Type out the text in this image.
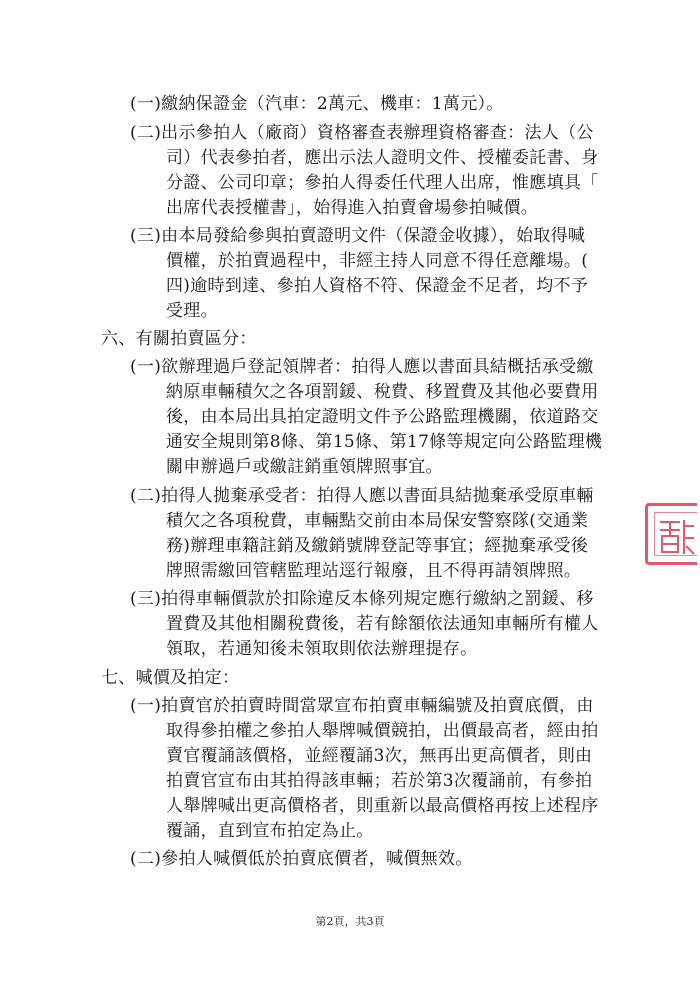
(一)繳納保證金（汽車：2萬元、機車：1萬元）。
(二)出示參拍人（廠商）資格審查表辦理資格審查：法人（公
司）代表參拍者，應出示法人證明文件、授權委託書、身
分證、公司印章；參拍人得委任代理人出席，惟應填具「
出席代表授權書」，始得進入拍賣會場參拍喊價。
(三)由本局發給參與拍賣證明文件（保證金收據），始取得喊
價權，於拍賣過程中，非經主持人同意不得任意離場。(
四)逾時到達、參拍人資格不符、保證金不足者，均不予
受理。
六、有關拍賣區分：
(一)欲辦理過戶登記領牌者：拍得人應以書面具結概括承受繳
納原車輛積欠之各項罰鍰、稅費、移置費及其他必要費用
後，由本局出具拍定證明文件予公路監理機關，依道路交
通安全規則第8條、第15條、第17條等規定向公路監理機
關申辦過戶或繳註銷重領牌照事宜。
(二)拍得人拋棄承受者：拍得人應以書面具結拋棄承受原車輛
積欠之各項稅費，車輛點交前由本局保安警察隊(交通業
務)辦理車籍註銷及繳銷號牌登記等事宜；經拋棄承受後
牌照需繳回管轄監理站逕行報廢，且不得再請領牌照。
(三)拍得車輛價款於扣除違反本條列規定應行繳納之罰鍰、移
置費及其他相關稅費後，若有餘額依法通知車輛所有權人
領取，若通知後未領取則依法辦理提存。
七、喊價及拍定：
(一)拍賣官於拍賣時間當眾宣布拍賣車輛編號及拍賣底價，由
取得參拍權之參拍人舉牌喊價競拍，出價最高者，經由拍
賣官覆誦該價格，並經覆誦3次，無再出更高價者，則由
拍賣官宣布由其拍得該車輛；若於第3次覆誦前，有參拍
人舉牌喊出更高價格者，則重新以最高價格再按上述程序
覆誦，直到宣布拍定為止。
(二)參拍人喊價低於拍賣底價者，喊價無效。
第2頁，共3頁
